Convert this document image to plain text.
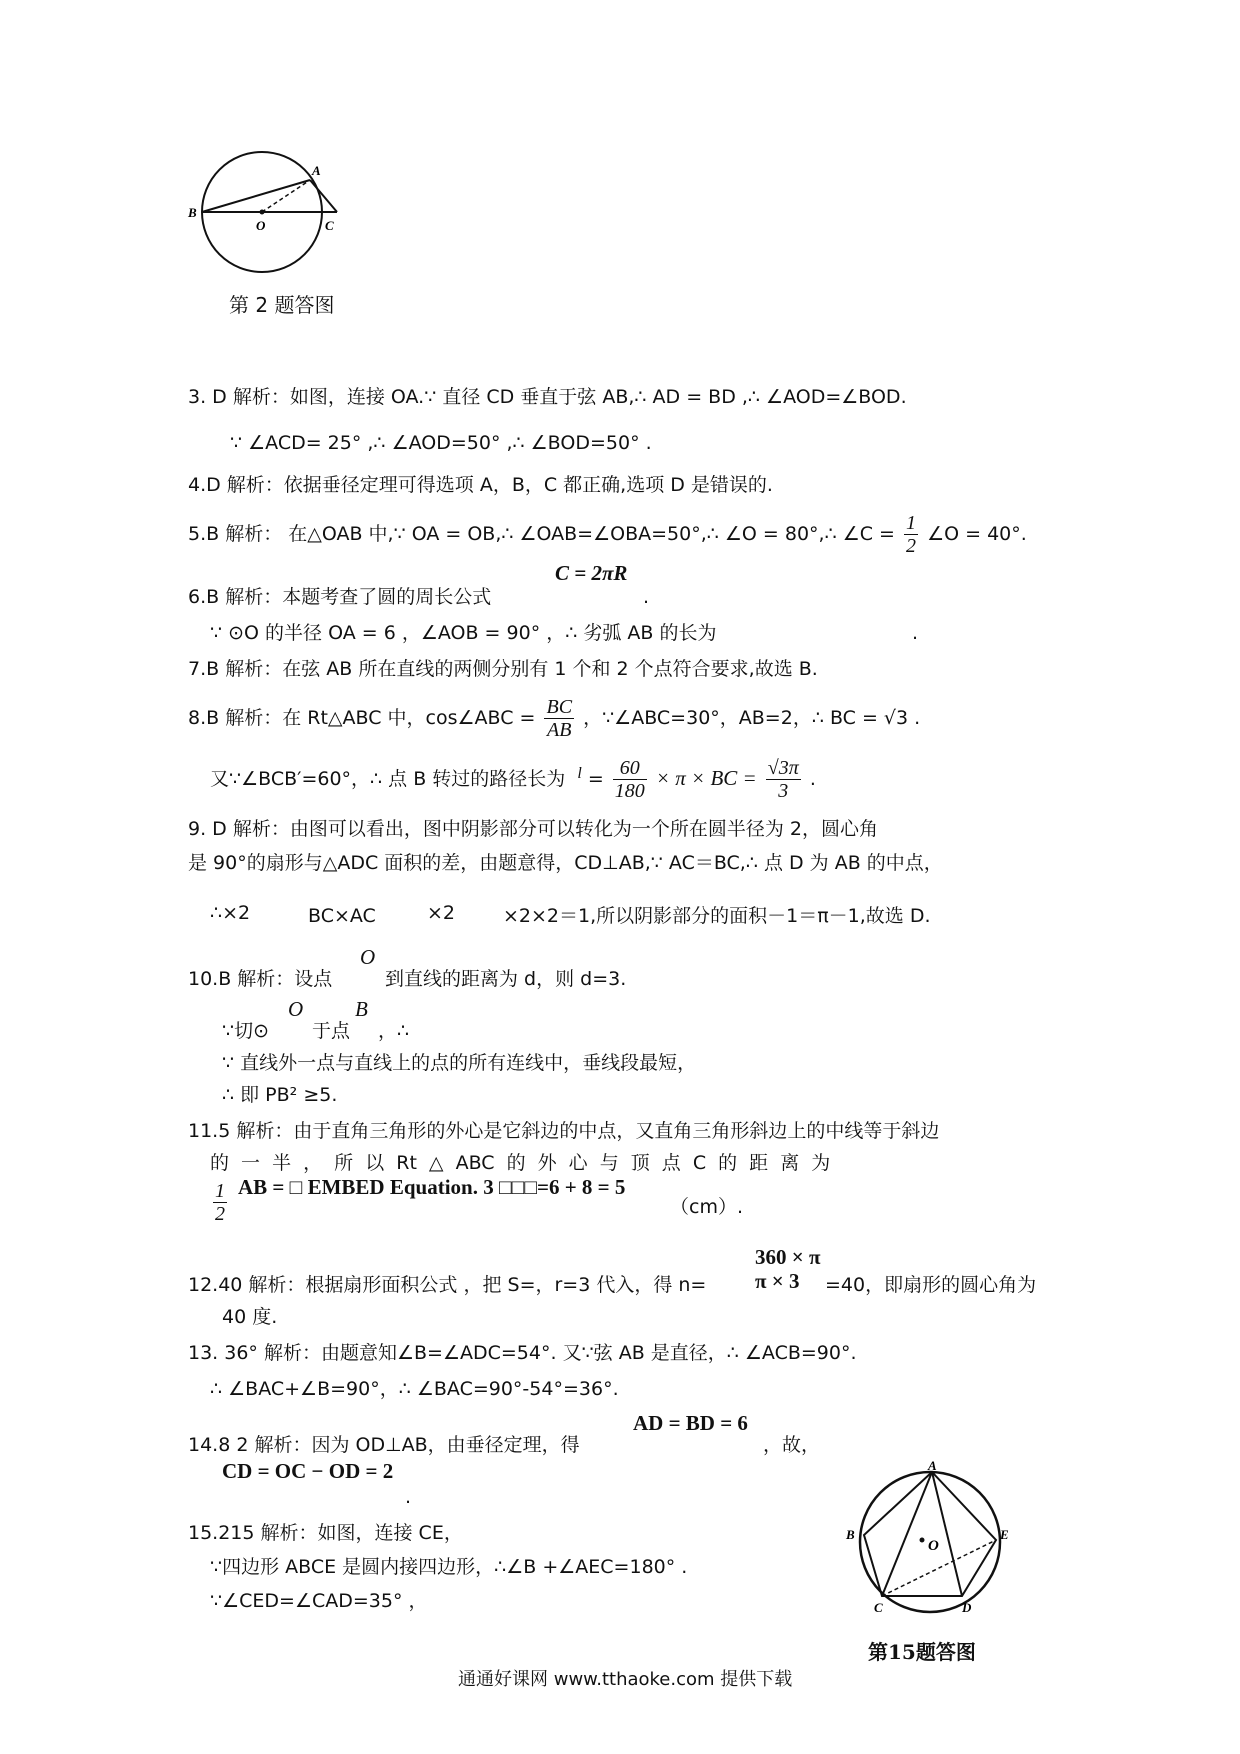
A
B
O	C
第 2 题答图
3. D 解析：如图，连接 OA.∵ 直径 CD 垂直于弦 AB,∴ AD = BD ,∴ ∠AOD=∠BOD.
∵ ∠ACD= 25° ,∴ ∠AOD=50° ,∴ ∠BOD=50° .
4.D 解析：依据垂径定理可得选项 A，B，C 都正确,选项 D 是错误的.
5.B 解析： 在△OAB 中,∵ OA = OB,∴ ∠OAB=∠OBA=50°,∴ ∠O = 80°,∴ ∠C = $\frac{1}{2}$ ∠O = 40°.
C = 2πR
6.B 解析：本题考查了圆的周长公式	.
∵ ⊙O 的半径 OA = 6 ，∠AOB = 90° ，∴ 劣弧 AB 的长为	.
7.B 解析：在弦 AB 所在直线的两侧分别有 1 个和 2 个点符合要求,故选 B.
8.B 解析：在 Rt△ABC 中，cos∠ABC = $\frac{BC}{AB}$ ，∵∠ABC=30°，AB=2，∴ BC = √3 .
又∵∠BCB′=60°，∴ 点 B 转过的路径长为 $^l = \frac{60}{180} \times \pi$ × BC = $\frac{√3\pi}{3}$ .
9. D 解析：由图可以看出，图中阴影部分可以转化为一个所在圆半径为 2，圆心角
是 90°的扇形与△ADC 面积的差，由题意得，CD⊥AB,∵ AC＝BC,∴ 点 D 为 AB 的中点，
∴×2	BC×AC	×2	×2×2＝1,所以阴影部分的面积－1＝π－1,故选 D.
O
10.B 解析：设点	到直线的距离为 d，则 d=3.
O B
∵切⊙ 于点 ，∴
∵ 直线外一点与直线上的点的所有连线中，垂线段最短，
∴ 即 PB² ≥5.
11.5 解析：由于直角三角形的外心是它斜边的中点，又直角三角形斜边上的中线等于斜边
的 一 半 ， 所 以 Rt △ ABC 的 外 心 与 顶 点 C 的 距 离 为
$\frac{1}{2}$ AB = □ EMBED Equation. 3 □□□=6 + 8 = 5
（cm）.
360 × π
π × 3
12.40 解析：根据扇形面积公式 ，把 S=，r=3 代入，得 n=	=40，即扇形的圆心角为
40 度.
13. 36° 解析：由题意知∠B=∠ADC=54°. 又∵弦 AB 是直径，∴ ∠ACB=90°.
∴ ∠BAC+∠B=90°，∴ ∠BAC=90°-54°=36°.
AD = BD = 6
14.8 2 解析：因为 OD⊥AB，由垂径定理，得	，故，
CD = OC − OD = 2
.
15.215 解析：如图，连接 CE，
∵四边形 ABCE 是圆内接四边形，∴∠B +∠AEC=180° .
∵∠CED=∠CAD=35° ，
A
B
O
E
C	D
第15题答图
通通好课网 www.tthaoke.com 提供下载
